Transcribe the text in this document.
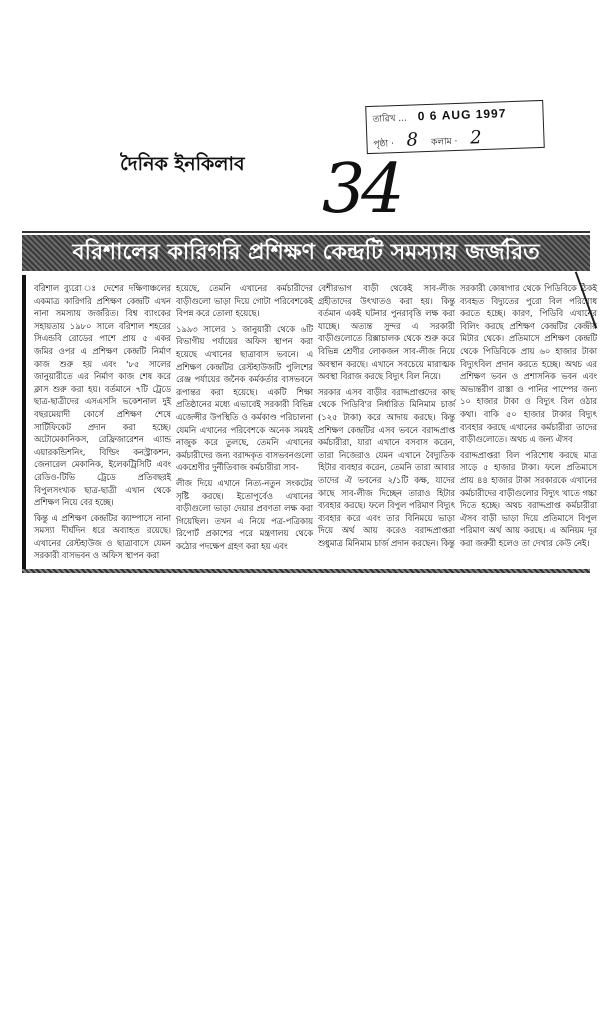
তারিখ ... 0 6 AUG 1997
পৃষ্ঠা · 8 কলাম · 2
দৈনিক ইনকিলাব 34
বরিশালের কারিগরি প্রশিক্ষণ কেন্দ্রটি সমস্যায় জর্জরিত

বরিশাল ব্যুরো ঃ দেশের দক্ষিণাঞ্চলের একমাত্র কারিগরি প্রশিক্ষণ কেন্দ্রটি এখন নানা সমস্যায় জর্জরিত। বিশ্ব ব্যাংকের সহায়তায় ১৯৮০ সালে বরিশাল শহরের সিএন্ডবি রোডের পাশে প্রায় ৫ একর জমির ওপর এ প্রশিক্ষণ কেন্দ্রটি নির্মাণ কাজ শুরু হয় এবং '৮৫ সালের জানুয়ারীতে এর নির্মাণ কাজ শেষ করে ক্লাস শুরু করা হয়। বর্তমানে ৭টি ট্রেডে ছাত্র-ছাত্রীদের এসএসসি ভকেশনাল দুই বছরমেয়াদী কোর্সে প্রশিক্ষণ শেষে সার্টিফিকেট প্রদান করা হচ্ছে। অটোমেকানিকস, রেফ্রিজারেশন এ্যান্ড এয়ারকন্ডিশনিং, বিল্ডিং কনস্ট্রাকশন, জেনারেল মেকানিক, ইলেকট্রিসিটি এবং রেডিও-টিভি ট্রেডে প্রতিবছরই বিপুলসংখ্যক ছাত্র-ছাত্রী এখান থেকে প্রশিক্ষণ নিয়ে বের হচ্ছে।

কিন্তু এ প্রশিক্ষণ কেন্দ্রটির ক্যাম্পাসে নানা সমস্যা দীর্ঘদিন ধরে অব্যাহত রয়েছে। এখানের রেস্টহাউজ ও ছাত্রাবাসে যেমন সরকারী বাসভবন ও অফিস স্থাপন করা

হয়েছে, তেমনি এখানের কর্মচারীদের বাড়ীগুলো ভাড়া দিয়ে গোটা পরিবেশকেই বিপন্ন করে তোলা হয়েছে।

১৯৯৩ সালের ১ জানুয়ারী থেকে ৬টি বিভাগীয় পর্যায়ের অফিস স্থাপন করা হয়েছে এখানের ছাত্রাবাস ভবনে। এ প্রশিক্ষণ কেন্দ্রটির রেস্টহাউজটি পুলিশের রেঞ্জ পর্যায়ের জনৈক কর্মকর্তার বাসভবনে রূপান্তর করা হয়েছে। একটি শিক্ষা প্রতিষ্ঠানের মধ্যে এভাবেই সরকারী বিভিন্ন এজেন্সীর উপস্থিতি ও কর্মকাণ্ড পরিচালনা যেমনি এখানের পরিবেশকে অনেক সময়ই নাজুক করে তুলছে, তেমনি এখানের কর্মচারীদের জন্য বরাদ্দকৃত বাসভবনগুলো একশ্রেণীর দুর্নীতিবাজ কর্মচারীরা সাব-

লীজ দিয়ে এখানে নিত্য-নতুন সংকটের সৃষ্টি করছে। ইতোপূর্বেও এখানের বাড়ীগুলো ভাড়া দেয়ার প্রবণতা লক্ষ করা গিয়েছিল। তখন এ নিয়ে পত্র-পত্রিকায় রিপোর্ট প্রকাশের পরে মন্ত্রণালয় থেকে কঠোর পদক্ষেপ গ্রহণ করা হয় এবং

বেশীরভাগ বাড়ী থেকেই সাব-লীজ গ্রহীতাদের উৎখাতও করা হয়। কিন্তু বর্তমান একই ঘটনার পুনরাবৃত্তি লক্ষ করা যাচ্ছে। অত্যন্ত সুন্দর এ সরকারী বাড়ীগুলোতে রিক্সাচালক থেকে শুরু করে বিভিন্ন শ্রেণীর লোকজন সাব-লীজ নিয়ে অবস্থান করছে। এখানে সবচেয়ে মারাত্মক অবস্থা বিরাজ করছে বিদ্যুৎ বিল নিয়ে।

সরকার এসব বাড়ীর বরাদ্দপ্রাপ্তদের কাছ থেকে পিডিবি'র নির্ধারিত মিনিমাম চার্জ (১২৫ টাকা) করে আদায় করছে। কিন্তু প্রশিক্ষণ কেন্দ্রটির এসব ভবনে বরাদ্দপ্রাপ্ত কর্মচারীরা, যারা এখানে বসবাস করেন, তারা নিজেরাও যেমন এখানে বৈদ্যুতিক হিটার ব্যবহার করেন, তেমনি তারা আবার তাদের ঐ ভবনের ২/১টি কক্ষ, যাদের কাছে সাব-লীজ দিচ্ছেন তারাও হিটার ব্যবহার করছে। ফলে বিপুল পরিমাণ বিদ্যুৎ ব্যবহার করে এবং তার বিনিময়ে ভাড়া দিয়ে অর্থ আয় করেও বরাদ্দপ্রাপ্তরা শুধুমাত্র মিনিমাম চার্জ প্রদান করছেন। কিন্তু

সরকারী কোষাগার থেকে পিডিবিকে ঠিকই ব্যবহৃত বিদ্যুতের পুরো বিল পরিশোধ করতে হচ্ছে। কারণ, পিডিবি এখানের বিলিং করছে প্রশিক্ষণ কেন্দ্রটির কেন্দ্রীয় মিটার থেকে। প্রতিমাসে প্রশিক্ষণ কেন্দ্রটি থেকে পিডিবিকে প্রায় ৬০ হাজার টাকা বিদ্যুৎবিল প্রদান করতে হচ্ছে। অথচ এর প্রশিক্ষণ ভবন ও প্রশাসনিক ভবন এবং অভ্যন্তরীণ রাস্তা ও পানির পাম্পের জন্য ১০ হাজার টাকা ও বিদ্যুৎ বিল ওঠার কথা। বাকি ৫০ হাজার টাকার বিদ্যুৎ ব্যবহার করছে এখানের কর্মচারীরা তাদের বাড়ীগুলোতে। অথচ এ জন্য ঐসব

বরাদ্দপ্রাপ্তরা বিল পরিশোধ করছে মাত্র সাড়ে ৫ হাজার টাকা। ফলে প্রতিমাসে প্রায় ৪৪ হাজার টাকা সরকারকে এখানের কর্মচারীদের বাড়ীগুলোর বিদ্যুৎ খাতে গচ্চা দিতে হচ্ছে। অথচ বরাদ্দপ্রাপ্ত কর্মচারীরা ঐসব বাড়ী ভাড়া দিয়ে প্রতিমাসে বিপুল পরিমাণ অর্থ আয় করছে। এ অনিয়ম দূর করা জরুরী হলেও তা দেখার কেউ নেই।
